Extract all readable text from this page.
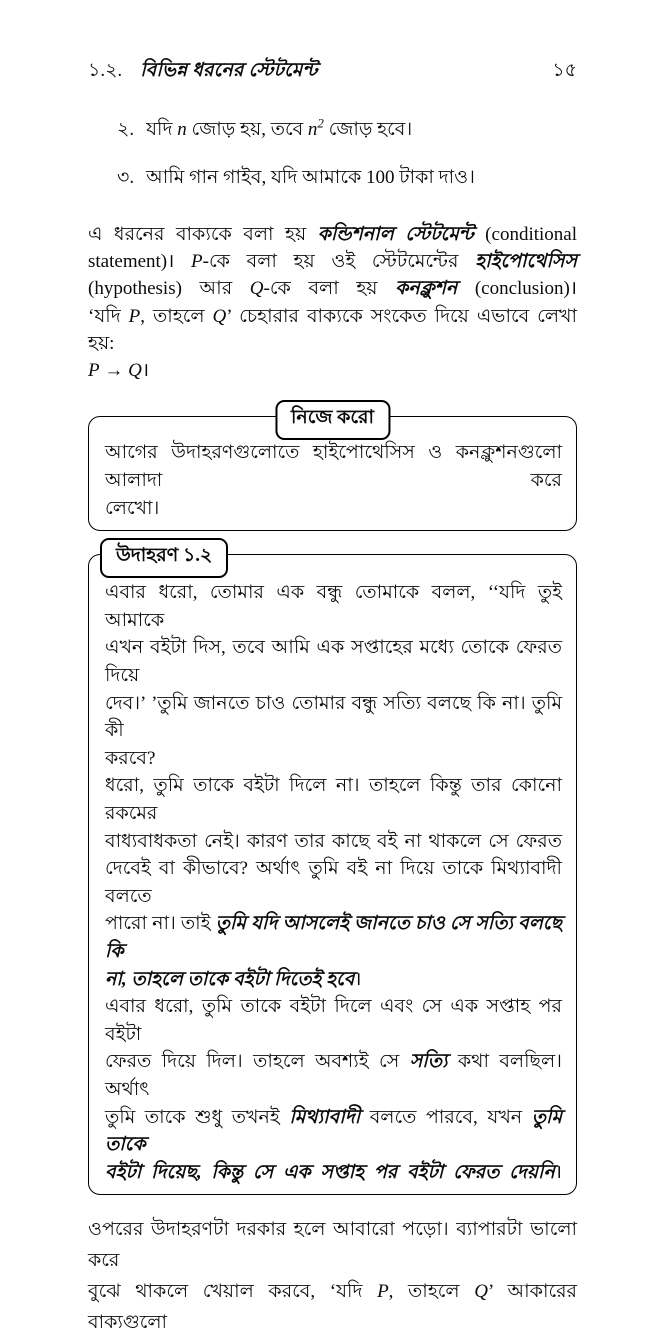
১.২. বিভিন্ন ধরনের স্টেটমেন্ট	১৫
২. যদি n জোড় হয়, তবে $n^2$ জোড় হবে।
৩. আমি গান গাইব, যদি আমাকে 100 টাকা দাও।
এ ধরনের বাক্যকে বলা হয় কন্ডিশনাল স্টেটমেন্ট (conditional
statement)। P-কে বলা হয় ওই স্টেটমেন্টের হাইপোথেসিস
(hypothesis) আর Q-কে বলা হয় কনক্লুশন (conclusion)।
‘যদি P, তাহলে Q’ চেহারার বাক্যকে সংকেত দিয়ে এভাবে লেখা হয়:
P → Q।
নিজে করো
আগের উদাহরণগুলোতে হাইপোথেসিস ও কনক্লুশনগুলো আলাদা করে
লেখো।
উদাহরণ ১.২
এবার ধরো, তোমার এক বন্ধু তোমাকে বলল, ‘‘যদি তুই আমাকে
এখন বইটা দিস, তবে আমি এক সপ্তাহের মধ্যে তোকে ফেরত দিয়ে
দেব।’ ’তুমি জানতে চাও তোমার বন্ধু সত্যি বলছে কি না। তুমি কী
করবে?
ধরো, তুমি তাকে বইটা দিলে না। তাহলে কিন্তু তার কোনো রকমের
বাধ্যবাধকতা নেই। কারণ তার কাছে বই না থাকলে সে ফেরত
দেবেই বা কীভাবে? অর্থাৎ তুমি বই না দিয়ে তাকে মিথ্যাবাদী বলতে
পারো না। তাই তুমি যদি আসলেই জানতে চাও সে সত্যি বলছে কি
না, তাহলে তাকে বইটা দিতেই হবে।
এবার ধরো, তুমি তাকে বইটা দিলে এবং সে এক সপ্তাহ পর বইটা
ফেরত দিয়ে দিল। তাহলে অবশ্যই সে সত্যি কথা বলছিল। অর্থাৎ
তুমি তাকে শুধু তখনই মিথ্যাবাদী বলতে পারবে, যখন তুমি তাকে
বইটা দিয়েছ, কিন্তু সে এক সপ্তাহ পর বইটা ফেরত দেয়নি।
ওপরের উদাহরণটা দরকার হলে আবারো পড়ো। ব্যাপারটা ভালো করে
বুঝে থাকলে খেয়াল করবে, ‘যদি P, তাহলে Q’ আকারের বাক্যগুলো
